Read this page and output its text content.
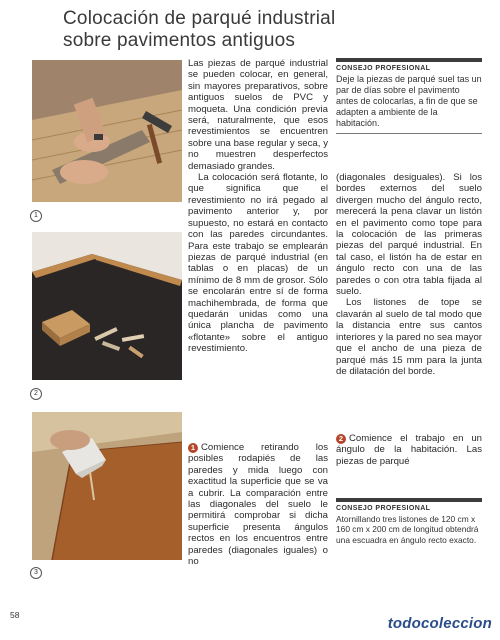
Colocación de parqué industrial
sobre pavimentos antiguos
1
2
3

Las piezas de parqué industrial se pueden colocar, en general, sin mayores preparativos, sobre antiguos suelos de PVC y moqueta. Una condición previa será, naturalmente, que esos revestimientos se encuentren sobre una base regular y seca, y no muestren desperfectos demasiado grandes.

La colocación será flotante, lo que significa que el revestimiento no irá pegado al pavimento anterior y, por supuesto, no estará en contacto con las paredes circundantes. Para este trabajo se emplearán piezas de parqué industrial (en tablas o en placas) de un mínimo de 8 mm de grosor. Sólo se encolarán entre sí de forma machihembrada, de forma que quedarán unidas como una única plancha de pavimento «flotante» sobre el antiguo revestimiento.

1 Comience retirando los posibles rodapiés de las paredes y mida luego con exactitud la superficie que se va a cubrir. La comparación entre las diagonales del suelo le permitirá comprobar si dicha superficie presenta ángulos rectos en los encuentros entre paredes (diagonales iguales) o no

CONSEJO PROFESIONAL
Deje la piezas de parqué suel tas un par de días sobre el pavimento antes de colocarlas, a fin de que se adapten a ambiente de la habitación.

(diagonales desiguales). Si los bordes externos del suelo divergen mucho del ángulo recto, merecerá la pena clavar un listón en el pavimento como tope para la colocación de las primeras piezas del parqué industrial. En tal caso, el listón ha de estar en ángulo recto con una de las paredes o con otra tabla fijada al suelo.

Los listones de tope se clavarán al suelo de tal modo que la distancia entre sus cantos interiores y la pared no sea mayor que el ancho de una pieza de parqué más 15 mm para la junta de dilatación del borde.

2 Comience el trabajo en un ángulo de la habitación. Las piezas de parqué

CONSEJO PROFESIONAL
Atornillando tres listones de 120 cm x 160 cm x 200 cm de longitud obtendrá una escuadra en ángulo recto exacto.
58	todocoleccion
